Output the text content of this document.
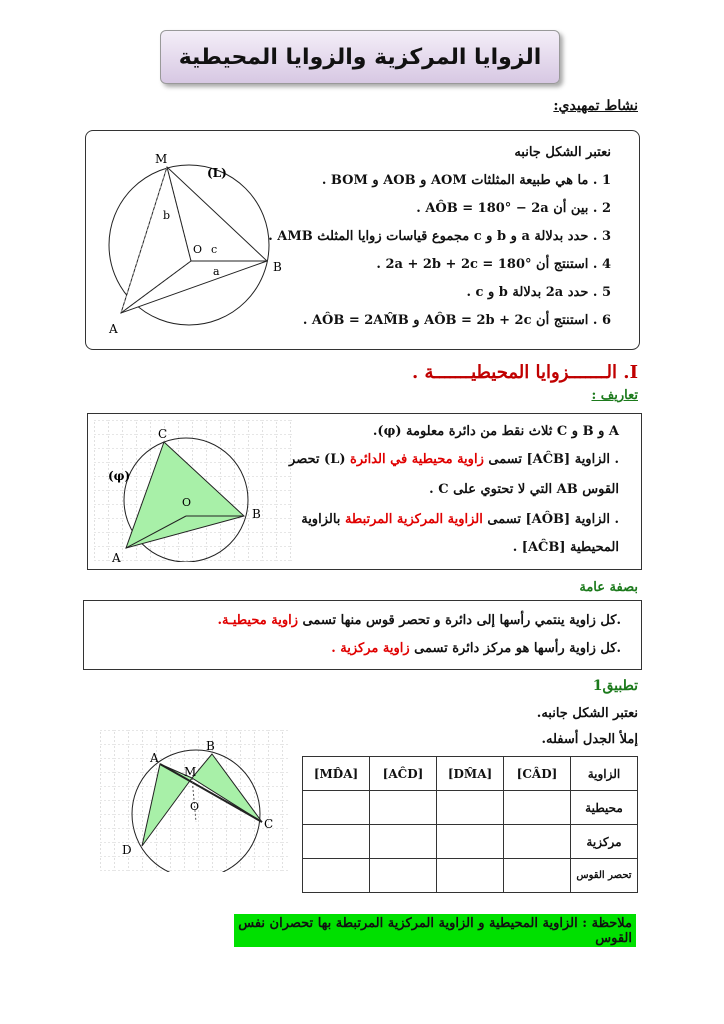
الزوايا المركزية والزوايا المحيطية
نشاط تمهيدي:
M
(L)
A
B
O
a
b
c
نعتبر الشكل جانبه
1 . ما هي طبيعة المثلثات AOM و AOB و BOM .
2 . بين أن AÔB = 180° − 2a .
3 . حدد بدلالة a و b و c مجموع قياسات زوايا المثلث AMB .
4 . استنتج أن 2a + 2b + 2c = 180° .
5 . حدد 2a بدلالة b و c .
6 . استنتج أن AÔB = 2b + 2c و AÔB = 2AM̂B .
I. الـــــــزوايا المحيطيـــــــة .
تعاريف :
C
A
B
O
(φ)
A و B و C ثلاث نقط من دائرة معلومة (φ).
. الزاوية [AĈB] تسمى زاوية محيطية في الدائرة (L) تحصر
القوس AB التي لا تحتوي على C .
. الزاوية [AÔB] تسمى الزاوية المركزية المرتبطة بالزاوية
المحيطية [AĈB] .
بصفة عامة
.كل زاوية ينتمي رأسها إلى دائرة و تحصر قوس منها تسمى زاوية محيطيـة.
.كل زاوية رأسها هو مركز دائرة تسمى زاوية مركزية .
تطبيق1
نعتبر الشكل جانبه.
إملأ الجدل أسفله.
A
B
C
D
M
O
الزاوية	[CÂD]	[DM̂A]	[AĈD]	[MD̂A]
محيطية				
مركزية				
تحصر القوس				
ملاحظة : الزاوية المحيطية و الزاوية المركزية المرتبطة بها تحصران نفس القوس
